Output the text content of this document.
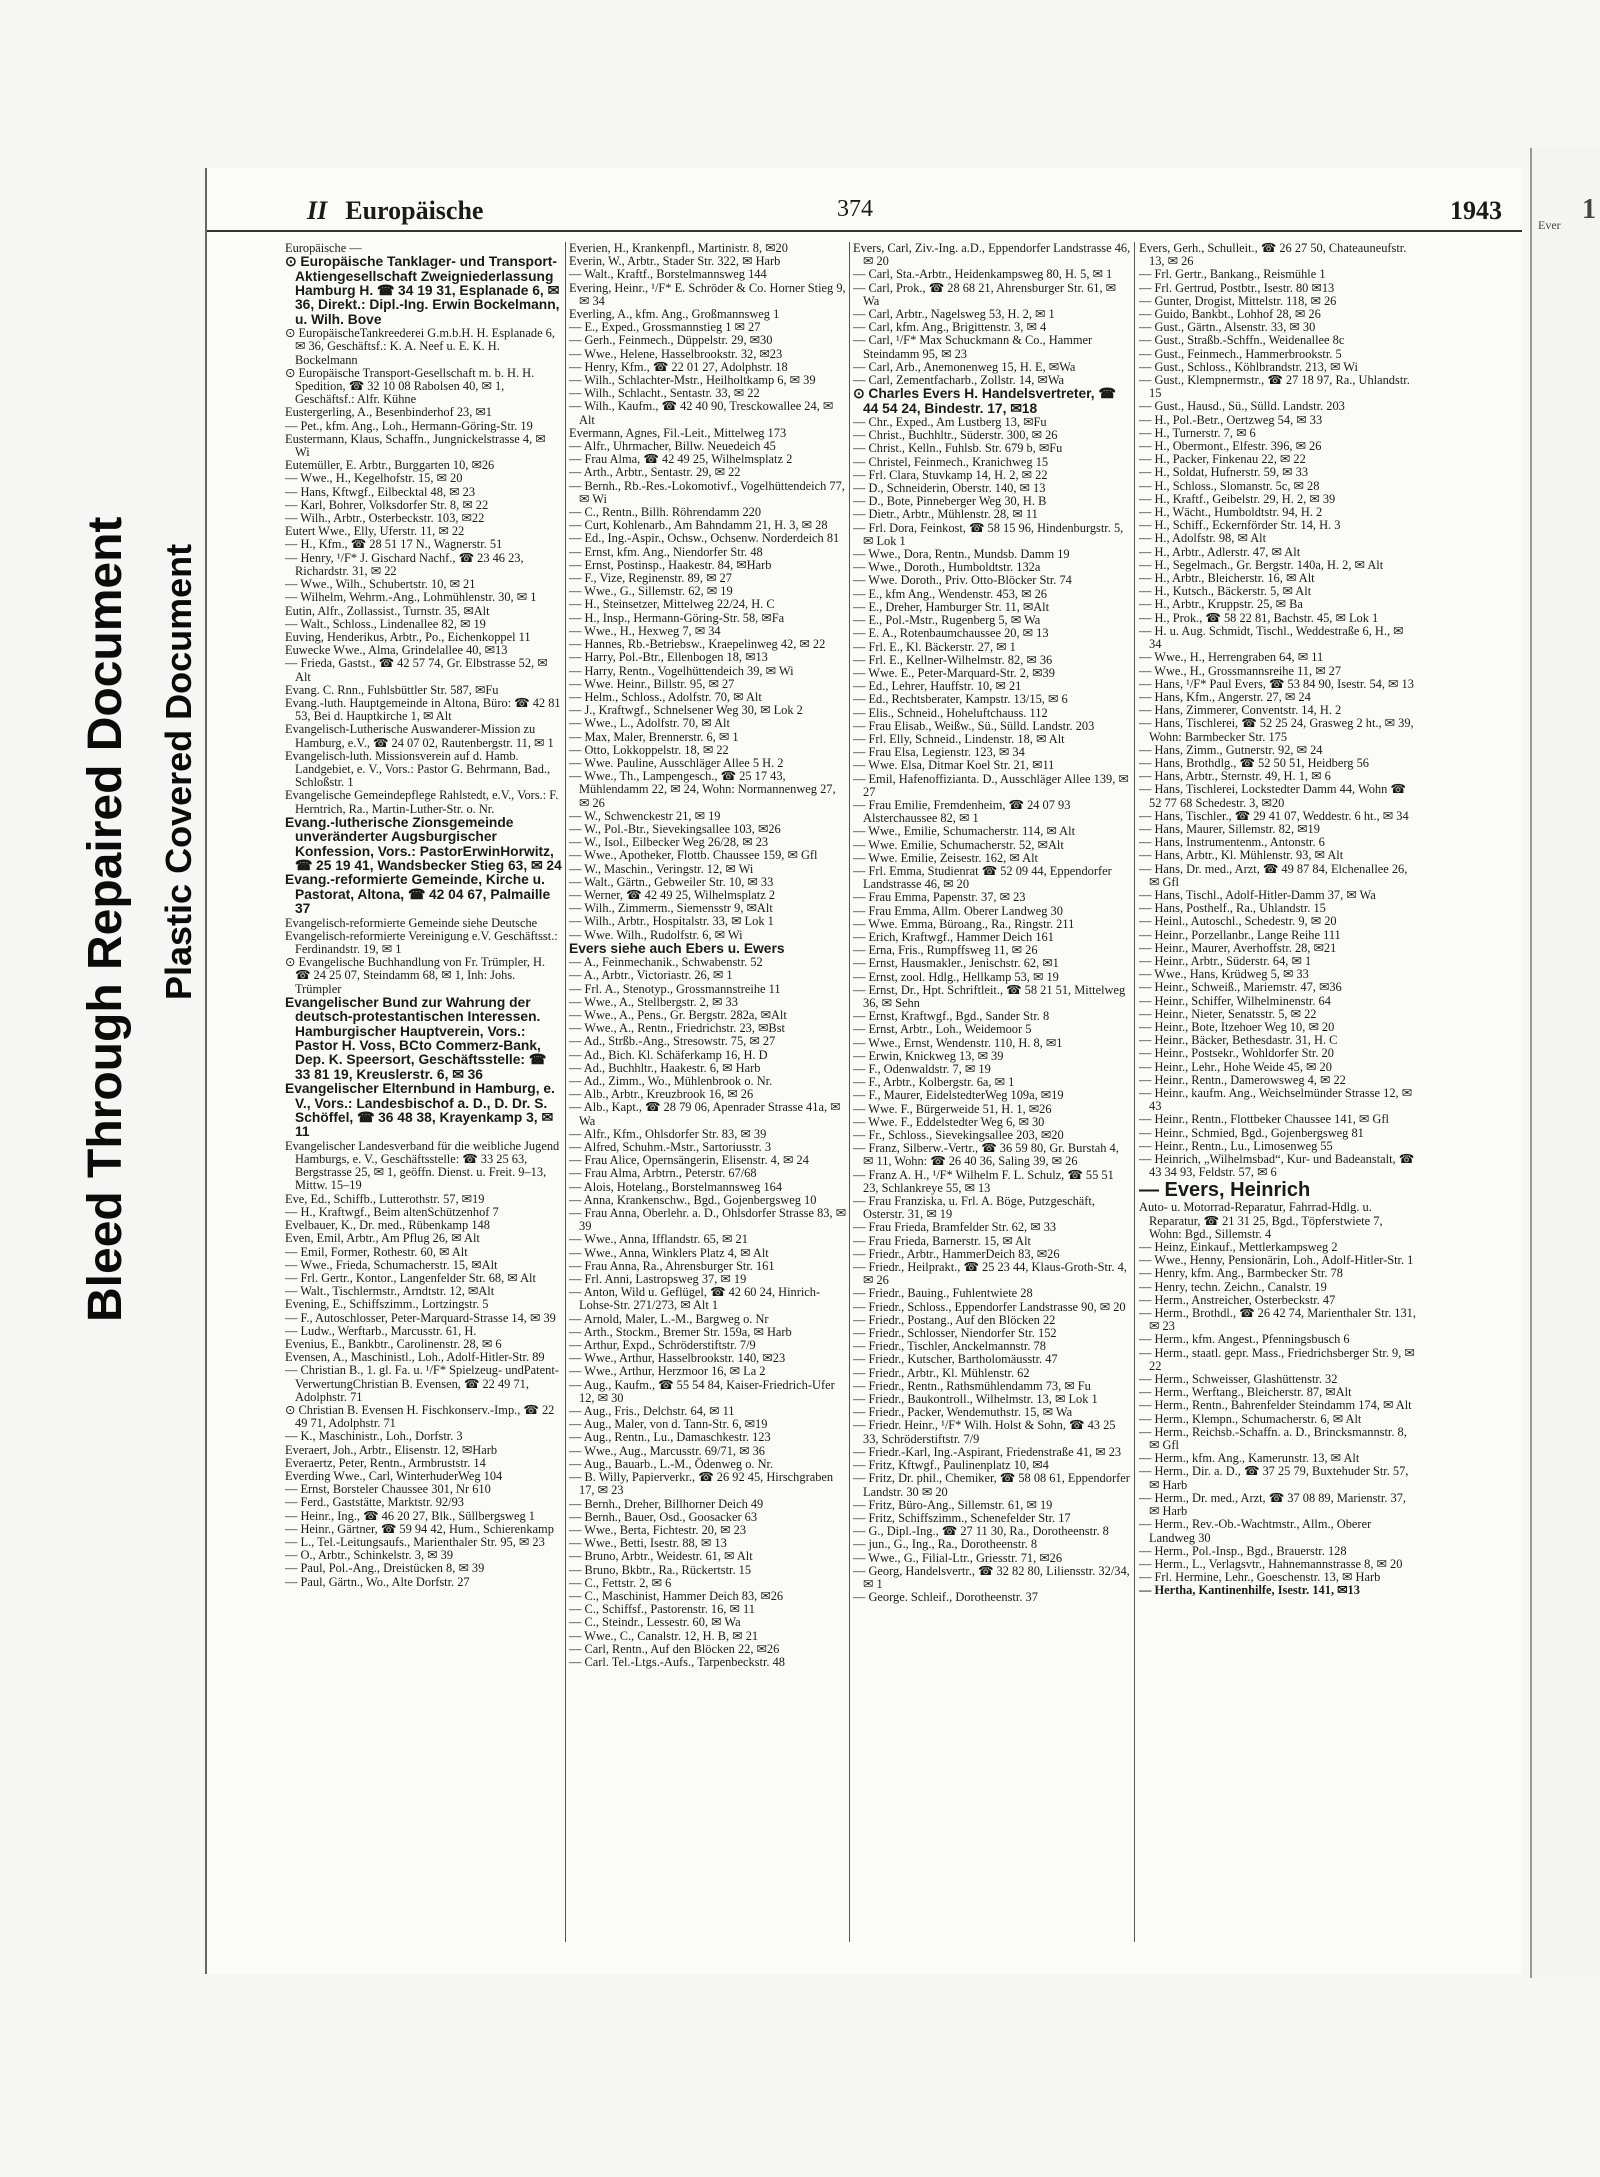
Bleed Through Repaired Document Plastic Covered Document
II Europäische	374	1943

Europäische —

⊙ Europäische Tanklager- und TransportAktiengesellschaft Zweigniederlassung Hamburg H. ☎ 34 19 31, Esplanade 6, ✉ 36, Direkt.: Dipl.-Ing. Erwin Bockelmann, u. Wilh. Bove

⊙ EuropäischeTankreederei G.m.b.H. H. Esplanade 6, ✉ 36, Geschäftsf.: K. A. Neef u. E. K. H. Bockelmann

⊙ Europäische Transport-Gesellschaft m. b. H. H. Spedition, ☎ 32 10 08 Rabolsen 40, ✉ 1, Geschäftsf.: Alfr. Kühne

Eustergerling, A., Besenbinderhof 23, ✉1

— Pet., kfm. Ang., Loh., Hermann-Göring-Str. 19

Eustermann, Klaus, Schaffn., Jungnickelstrasse 4, ✉ Wi

Eutemüller, E. Arbtr., Burggarten 10, ✉26

— Wwe., H., Kegelhofstr. 15, ✉ 20

— Hans, Kftwgf., Eilbecktal 48, ✉ 23

— Karl, Bohrer, Volksdorfer Str. 8, ✉ 22

— Wilh., Arbtr., Osterbeckstr. 103, ✉22

Eutert Wwe., Elly, Uferstr. 11, ✉ 22

— H., Kfm., ☎ 28 51 17 N., Wagnerstr. 51

— Henry, ¹/F* J. Gischard Nachf., ☎ 23 46 23, Richardstr. 31, ✉ 22

— Wwe., Wilh., Schubertstr. 10, ✉ 21

— Wilhelm, Wehrm.-Ang., Lohmühlenstr. 30, ✉ 1

Eutin, Alfr., Zollassist., Turnstr. 35, ✉Alt

— Walt., Schloss., Lindenallee 82, ✉ 19

Euving, Henderikus, Arbtr., Po., Eichenkoppel 11

Euwecke Wwe., Alma, Grindelallee 40, ✉13

— Frieda, Gastst., ☎ 42 57 74, Gr. Elbstrasse 52, ✉ Alt

Evang. C. Rnn., Fuhlsbüttler Str. 587, ✉Fu

Evang.-luth. Hauptgemeinde in Altona, Büro: ☎ 42 81 53, Bei d. Hauptkirche 1, ✉ Alt

Evangelisch-Lutherische Auswanderer-Mission zu Hamburg, e.V., ☎ 24 07 02, Rautenbergstr. 11, ✉ 1

Evangelisch-luth. Missionsverein auf d. Hamb. Landgebiet, e. V., Vors.: Pastor G. Behrmann, Bad., Schloßstr. 1

Evangelische Gemeindepflege Rahlstedt, e.V., Vors.: F. Herntrich, Ra., Martin-Luther-Str. o. Nr.

Evang.-lutherische Zionsgemeinde unveränderter Augsburgischer Konfession, Vors.: PastorErwinHorwitz, ☎ 25 19 41, Wandsbecker Stieg 63, ✉ 24

Evang.-reformierte Gemeinde, Kirche u. Pastorat, Altona, ☎ 42 04 67, Palmaille 37

Evangelisch-reformierte Gemeinde siehe Deutsche

Evangelisch-reformierte Vereinigung e.V. Geschäftsst.: Ferdinandstr. 19, ✉ 1

⊙ Evangelische Buchhandlung von Fr. Trümpler, H. ☎ 24 25 07, Steindamm 68, ✉ 1, Inh: Johs. Trümpler

Evangelischer Bund zur Wahrung der deutsch-protestantischen Interessen. Hamburgischer Hauptverein, Vors.: Pastor H. Voss, BCto Commerz-Bank, Dep. K. Speersort, Geschäftsstelle: ☎ 33 81 19, Kreuslerstr. 6, ✉ 36

Evangelischer Elternbund in Hamburg, e. V., Vors.: Landesbischof a. D., D. Dr. S. Schöffel, ☎ 36 48 38, Krayenkamp 3, ✉ 11

Evangelischer Landesverband für die weibliche Jugend Hamburgs, e. V., Geschäftsstelle: ☎ 33 25 63, Bergstrasse 25, ✉ 1, geöffn. Dienst. u. Freit. 9–13, Mittw. 15–19

Eve, Ed., Schiffb., Lutterothstr. 57, ✉19

— H., Kraftwgf., Beim altenSchützenhof 7

Evelbauer, K., Dr. med., Rübenkamp 148

Even, Emil, Arbtr., Am Pflug 26, ✉ Alt

— Emil, Former, Rothestr. 60, ✉ Alt

— Wwe., Frieda, Schumacherstr. 15, ✉Alt

— Frl. Gertr., Kontor., Langenfelder Str. 68, ✉ Alt

— Walt., Tischlermstr., Arndtstr. 12, ✉Alt

Evening, E., Schiffszimm., Lortzingstr. 5

— F., Autoschlosser, Peter-Marquard-Strasse 14, ✉ 39

— Ludw., Werftarb., Marcusstr. 61, H.

Evenius, E., Bankbtr., Carolinenstr. 28, ✉ 6

Evensen, A., Maschinistl., Loh., Adolf-Hitler-Str. 89

— Christian B., 1. gl. Fa. u. ¹/F* Spielzeug- undPatent-VerwertungChristian B. Evensen, ☎ 22 49 71, Adolphstr. 71

⊙ Christian B. Evensen H. Fischkonserv.-Imp., ☎ 22 49 71, Adolphstr. 71

— K., Maschinistr., Loh., Dorfstr. 3

Everaert, Joh., Arbtr., Elisenstr. 12, ✉Harb

Everaertz, Peter, Rentn., Armbruststr. 14

Everding Wwe., Carl, WinterhuderWeg 104

— Ernst, Borsteler Chaussee 301, Nr 610

— Ferd., Gaststätte, Marktstr. 92/93

— Heinr., Ing., ☎ 46 20 27, Blk., Süllbergsweg 1

— Heinr., Gärtner, ☎ 59 94 42, Hum., Schierenkamp

— L., Tel.-Leitungsaufs., Marienthaler Str. 95, ✉ 23

— O., Arbtr., Schinkelstr. 3, ✉ 39

— Paul, Pol.-Ang., Dreistücken 8, ✉ 39

— Paul, Gärtn., Wo., Alte Dorfstr. 27

Everien, H., Krankenpfl., Martinistr. 8, ✉20

Everin, W., Arbtr., Stader Str. 322, ✉ Harb

— Walt., Kraftf., Borstelmannsweg 144

Evering, Heinr., ¹/F* E. Schröder & Co. Horner Stieg 9, ✉ 34

Everling, A., kfm. Ang., Großmannsweg 1

— E., Exped., Grossmannstieg 1 ✉ 27

— Gerh., Feinmech., Düppelstr. 29, ✉30

— Wwe., Helene, Hasselbrookstr. 32, ✉23

— Henry, Kfm., ☎ 22 01 27, Adolphstr. 18

— Wilh., Schlachter-Mstr., Heilholtkamp 6, ✉ 39

— Wilh., Schlacht., Sentastr. 33, ✉ 22

— Wilh., Kaufm., ☎ 42 40 90, Tresckowallee 24, ✉ Alt

Evermann, Agnes, Fil.-Leit., Mittelweg 173

— Alfr., Uhrmacher, Billw. Neuedeich 45

— Frau Alma, ☎ 42 49 25, Wilhelmsplatz 2

— Arth., Arbtr., Sentastr. 29, ✉ 22

— Bernh., Rb.-Res.-Lokomotivf., Vogelhüttendeich 77, ✉ Wi

— C., Rentn., Billh. Röhrendamm 220

— Curt, Kohlenarb., Am Bahndamm 21, H. 3, ✉ 28

— Ed., Ing.-Aspir., Ochsw., Ochsenw. Norderdeich 81

— Ernst, kfm. Ang., Niendorfer Str. 48

— Ernst, Postinsp., Haakestr. 84, ✉Harb

— F., Vize, Reginenstr. 89, ✉ 27

— Wwe., G., Sillemstr. 62, ✉ 19

— H., Steinsetzer, Mittelweg 22/24, H. C

— H., Insp., Hermann-Göring-Str. 58, ✉Fa

— Wwe., H., Hexweg 7, ✉ 34

— Hannes, Rb.-Betriebsw., Kraepelinweg 42, ✉ 22

— Harry, Pol.-Btr., Ellenbogen 18, ✉13

— Harry, Rentn., Vogelhüttendeich 39, ✉ Wi

— Wwe. Heinr., Billstr. 95, ✉ 27

— Helm., Schloss., Adolfstr. 70, ✉ Alt

— J., Kraftwgf., Schnelsener Weg 30, ✉ Lok 2

— Wwe., L., Adolfstr. 70, ✉ Alt

— Max, Maler, Brennerstr. 6, ✉ 1

— Otto, Lokkoppelstr. 18, ✉ 22

— Wwe. Pauline, Ausschläger Allee 5 H. 2

— Wwe., Th., Lampengesch., ☎ 25 17 43, Mühlendamm 22, ✉ 24, Wohn: Normannenweg 27, ✉ 26

— W., Schwenckestr 21, ✉ 19

— W., Pol.-Btr., Sievekingsallee 103, ✉26

— W., Isol., Eilbecker Weg 26/28, ✉ 23

— Wwe., Apotheker, Flottb. Chaussee 159, ✉ Gfl

— W., Maschin., Veringstr. 12, ✉ Wi

— Walt., Gärtn., Gebweiler Str. 10, ✉ 33

— Werner, ☎ 42 49 25, Wilhelmsplatz 2

— Wilh., Zimmerm., Siemensstr 9, ✉Alt

— Wilh., Arbtr., Hospitalstr. 33, ✉ Lok 1

— Wwe. Wilh., Rudolfstr. 6, ✉ Wi

Evers siehe auch Ebers u. Ewers

— A., Feinmechanik., Schwabenstr. 52

— A., Arbtr., Victoriastr. 26, ✉ 1

— Frl. A., Stenotyp., Grossmannstreihe 11

— Wwe., A., Stellbergstr. 2, ✉ 33

— Wwe., A., Pens., Gr. Bergstr. 282a, ✉Alt

— Wwe., A., Rentn., Friedrichstr. 23, ✉Bst

— Ad., Strßb.-Ang., Stresowstr. 75, ✉ 27

— Ad., Bich. Kl. Schäferkamp 16, H. D

— Ad., Buchhltr., Haakestr. 6, ✉ Harb

— Ad., Zimm., Wo., Mühlenbrook o. Nr.

— Alb., Arbtr., Kreuzbrook 16, ✉ 26

— Alb., Kapt., ☎ 28 79 06, Apenrader Strasse 41a, ✉ Wa

— Alfr., Kfm., Ohlsdorfer Str. 83, ✉ 39

— Alfred, Schuhm.-Mstr., Sartoriusstr. 3

— Frau Alice, Opernsängerin, Elisenstr. 4, ✉ 24

— Frau Alma, Arbtrn., Peterstr. 67/68

— Alois, Hotelang., Borstelmannsweg 164

— Anna, Krankenschw., Bgd., Gojenbergsweg 10

— Frau Anna, Oberlehr. a. D., Ohlsdorfer Strasse 83, ✉ 39

— Wwe., Anna, Ifflandstr. 65, ✉ 21

— Wwe., Anna, Winklers Platz 4, ✉ Alt

— Frau Anna, Ra., Ahrensburger Str. 161

— Frl. Anni, Lastropsweg 37, ✉ 19

— Anton, Wild u. Geflügel, ☎ 42 60 24, Hinrich-Lohse-Str. 271/273, ✉ Alt 1

— Arnold, Maler, L.-M., Bargweg o. Nr

— Arth., Stockm., Bremer Str. 159a, ✉ Harb

— Arthur, Expd., Schröderstiftstr. 7/9

— Wwe., Arthur, Hasselbrookstr. 140, ✉23

— Wwe., Arthur, Herzmoor 16, ✉ La 2

— Aug., Kaufm., ☎ 55 54 84, Kaiser-Friedrich-Ufer 12, ✉ 30

— Aug., Fris., Delchstr. 64, ✉ 11

— Aug., Maler, von d. Tann-Str. 6, ✉19

— Aug., Rentn., Lu., Damaschkestr. 123

— Wwe., Aug., Marcusstr. 69/71, ✉ 36

— Aug., Bauarb., L.-M., Ödenweg o. Nr.

— B. Willy, Papierverkr., ☎ 26 92 45, Hirschgraben 17, ✉ 23

— Bernh., Dreher, Billhorner Deich 49

— Bernh., Bauer, Osd., Goosacker 63

— Wwe., Berta, Fichtestr. 20, ✉ 23

— Wwe., Betti, Isestr. 88, ✉ 13

— Bruno, Arbtr., Weidestr. 61, ✉ Alt

— Bruno, Bkbtr., Ra., Rückertstr. 15

— C., Fettstr. 2, ✉ 6

— C., Maschinist, Hammer Deich 83, ✉26

— C., Schiffsf., Pastorenstr. 16, ✉ 11

— C., Steindr., Lessestr. 60, ✉ Wa

— Wwe., C., Canalstr. 12, H. B, ✉ 21

— Carl, Rentn., Auf den Blöcken 22, ✉26

— Carl. Tel.-Ltgs.-Aufs., Tarpenbeckstr. 48

Evers, Carl, Ziv.-Ing. a.D., Eppendorfer Landstrasse 46, ✉ 20

— Carl, Sta.-Arbtr., Heidenkampsweg 80, H. 5, ✉ 1

— Carl, Prok., ☎ 28 68 21, Ahrensburger Str. 61, ✉ Wa

— Carl, Arbtr., Nagelsweg 53, H. 2, ✉ 1

— Carl, kfm. Ang., Brigittenstr. 3, ✉ 4

— Carl, ¹/F* Max Schuckmann & Co., Hammer Steindamm 95, ✉ 23

— Carl, Arb., Anemonenweg 15, H. E, ✉Wa

— Carl, Zementfacharb., Zollstr. 14, ✉Wa

⊙ Charles Evers H. Handelsvertreter, ☎ 44 54 24, Bindestr. 17, ✉18

— Chr., Exped., Am Lustberg 13, ✉Fu

— Christ., Buchhltr., Süderstr. 300, ✉ 26

— Christ., Kelln., Fuhlsb. Str. 679 b, ✉Fu

— Christel, Feinmech., Kranichweg 15

— Frl. Clara, Stuvkamp 14, H. 2, ✉ 22

— D., Schneiderin, Oberstr. 140, ✉ 13

— D., Bote, Pinneberger Weg 30, H. B

— Dietr., Arbtr., Mühlenstr. 28, ✉ 11

— Frl. Dora, Feinkost, ☎ 58 15 96, Hindenburgstr. 5, ✉ Lok 1

— Wwe., Dora, Rentn., Mundsb. Damm 19

— Wwe., Doroth., Humboldtstr. 132a

— Wwe. Doroth., Priv. Otto-Blöcker Str. 74

— E., kfm Ang., Wendenstr. 453, ✉ 26

— E., Dreher, Hamburger Str. 11, ✉Alt

— E., Pol.-Mstr., Rugenberg 5, ✉ Wa

— E. A., Rotenbaumchaussee 20, ✉ 13

— Frl. E., Kl. Bäckerstr. 27, ✉ 1

— Frl. E., Kellner-Wilhelmstr. 82, ✉ 36

— Wwe. E., Peter-Marquard-Str. 2, ✉39

— Ed., Lehrer, Hauffstr. 10, ✉ 21

— Ed., Rechtsberater, Kampstr. 13/15, ✉ 6

— Elis., Schneid., Hoheluftchauss. 112

— Frau Elisab., Weißw., Sü., Sülld. Landstr. 203

— Frl. Elly, Schneid., Lindenstr. 18, ✉ Alt

— Frau Elsa, Legienstr. 123, ✉ 34

— Wwe. Elsa, Ditmar Koel Str. 21, ✉11

— Emil, Hafenoffizianta. D., Ausschläger Allee 139, ✉ 27

— Frau Emilie, Fremdenheim, ☎ 24 07 93 Alsterchaussee 82, ✉ 1

— Wwe., Emilie, Schumacherstr. 114, ✉ Alt

— Wwe. Emilie, Schumacherstr. 52, ✉Alt

— Wwe. Emilie, Zeisestr. 162, ✉ Alt

— Frl. Emma, Studienrat ☎ 52 09 44, Eppendorfer Landstrasse 46, ✉ 20

— Frau Emma, Papenstr. 37, ✉ 23

— Frau Emma, Allm. Oberer Landweg 30

— Wwe. Emma, Büroang., Ra., Ringstr. 211

— Erich, Kraftwgf., Hammer Deich 161

— Erna, Fris., Rumpffsweg 11, ✉ 26

— Ernst, Hausmakler., Jenischstr. 62, ✉1

— Ernst, zool. Hdlg., Hellkamp 53, ✉ 19

— Ernst, Dr., Hpt. Schriftleit., ☎ 58 21 51, Mittelweg 36, ✉ Sehn

— Ernst, Kraftwgf., Bgd., Sander Str. 8

— Ernst, Arbtr., Loh., Weidemoor 5

— Wwe., Ernst, Wendenstr. 110, H. 8, ✉1

— Erwin, Knickweg 13, ✉ 39

— F., Odenwaldstr. 7, ✉ 19

— F., Arbtr., Kolbergstr. 6a, ✉ 1

— F., Maurer, EidelstedterWeg 109a, ✉19

— Wwe. F., Bürgerweide 51, H. 1, ✉26

— Wwe. F., Eddelstedter Weg 6, ✉ 30

— Fr., Schloss., Sievekingsallee 203, ✉20

— Franz, Silberw.-Vertr., ☎ 36 59 80, Gr. Burstah 4, ✉ 11, Wohn: ☎ 26 40 36, Saling 39, ✉ 26

— Franz A. H., ¹/F* Wilhelm F. L. Schulz, ☎ 55 51 23, Schlankreye 55, ✉ 13

— Frau Franziska, u. Frl. A. Böge, Putzgeschäft, Osterstr. 31, ✉ 19

— Frau Frieda, Bramfelder Str. 62, ✉ 33

— Frau Frieda, Barnerstr. 15, ✉ Alt

— Friedr., Arbtr., HammerDeich 83, ✉26

— Friedr., Heilprakt., ☎ 25 23 44, Klaus-Groth-Str. 4, ✉ 26

— Friedr., Bauing., Fuhlentwiete 28

— Friedr., Schloss., Eppendorfer Landstrasse 90, ✉ 20

— Friedr., Postang., Auf den Blöcken 22

— Friedr., Schlosser, Niendorfer Str. 152

— Friedr., Tischler, Anckelmannstr. 78

— Friedr., Kutscher, Bartholomäusstr. 47

— Friedr., Arbtr., Kl. Mühlenstr. 62

— Friedr., Rentn., Rathsmühlendamm 73, ✉ Fu

— Friedr., Baukontroll., Wilhelmstr. 13, ✉ Lok 1

— Friedr., Packer, Wendemuthstr. 15, ✉ Wa

— Friedr. Heinr., ¹/F* Wilh. Holst & Sohn, ☎ 43 25 33, Schröderstiftstr. 7/9

— Friedr.-Karl, Ing.-Aspirant, Friedenstraße 41, ✉ 23

— Fritz, Kftwgf., Paulinenplatz 10, ✉4

— Fritz, Dr. phil., Chemiker, ☎ 58 08 61, Eppendorfer Landstr. 30 ✉ 20

— Fritz, Büro-Ang., Sillemstr. 61, ✉ 19

— Fritz, Schiffszimm., Schenefelder Str. 17

— G., Dipl.-Ing., ☎ 27 11 30, Ra., Dorotheenstr. 8

— jun., G., Ing., Ra., Dorotheenstr. 8

— Wwe., G., Filial-Ltr., Griesstr. 71, ✉26

— Georg, Handelsvertr., ☎ 32 82 80, Liliensstr. 32/34, ✉ 1

— George. Schleif., Dorotheenstr. 37

Evers, Gerh., Schulleit., ☎ 26 27 50, Chateauneufstr. 13, ✉ 26

— Frl. Gertr., Bankang., Reismühle 1

— Frl. Gertrud, Postbtr., Isestr. 80 ✉13

— Gunter, Drogist, Mittelstr. 118, ✉ 26

— Guido, Bankbt., Lohhof 28, ✉ 26

— Gust., Gärtn., Alsenstr. 33, ✉ 30

— Gust., Straßb.-Schffn., Weidenallee 8c

— Gust., Feinmech., Hammerbrookstr. 5

— Gust., Schloss., Köhlbrandstr. 213, ✉ Wi

— Gust., Klempnermstr., ☎ 27 18 97, Ra., Uhlandstr. 15

— Gust., Hausd., Sü., Sülld. Landstr. 203

— H., Pol.-Betr., Oertzweg 54, ✉ 33

— H., Turnerstr. 7, ✉ 6

— H., Obermont., Elfestr. 396, ✉ 26

— H., Packer, Finkenau 22, ✉ 22

— H., Soldat, Hufnerstr. 59, ✉ 33

— H., Schloss., Slomanstr. 5c, ✉ 28

— H., Kraftf., Geibelstr. 29, H. 2, ✉ 39

— H., Wächt., Humboldtstr. 94, H. 2

— H., Schiff., Eckernförder Str. 14, H. 3

— H., Adolfstr. 98, ✉ Alt

— H., Arbtr., Adlerstr. 47, ✉ Alt

— H., Segelmach., Gr. Bergstr. 140a, H. 2, ✉ Alt

— H., Arbtr., Bleicherstr. 16, ✉ Alt

— H., Kutsch., Bäckerstr. 5, ✉ Alt

— H., Arbtr., Kruppstr. 25, ✉ Ba

— H., Prok., ☎ 58 22 81, Bachstr. 45, ✉ Lok 1

— H. u. Aug. Schmidt, Tischl., Weddestraße 6, H., ✉ 34

— Wwe., H., Herrengraben 64, ✉ 11

— Wwe., H., Grossmannsreihe 11, ✉ 27

— Hans, ¹/F* Paul Evers, ☎ 53 84 90, Isestr. 54, ✉ 13

— Hans, Kfm., Angerstr. 27, ✉ 24

— Hans, Zimmerer, Conventstr. 14, H. 2

— Hans, Tischlerei, ☎ 52 25 24, Grasweg 2 ht., ✉ 39, Wohn: Barmbecker Str. 175

— Hans, Zimm., Gutnerstr. 92, ✉ 24

— Hans, Brothdlg., ☎ 52 50 51, Heidberg 56

— Hans, Arbtr., Sternstr. 49, H. 1, ✉ 6

— Hans, Tischlerei, Lockstedter Damm 44, Wohn ☎ 52 77 68 Schedestr. 3, ✉20

— Hans, Tischler., ☎ 29 41 07, Weddestr. 6 ht., ✉ 34

— Hans, Maurer, Sillemstr. 82, ✉19

— Hans, Instrumentenm., Antonstr. 6

— Hans, Arbtr., Kl. Mühlenstr. 93, ✉ Alt

— Hans, Dr. med., Arzt, ☎ 49 87 84, Elchenallee 26, ✉ Gfl

— Hans, Tischl., Adolf-Hitler-Damm 37, ✉ Wa

— Hans, Posthelf., Ra., Uhlandstr. 15

— Heinl., Autoschl., Schedestr. 9, ✉ 20

— Heinr., Porzellanbr., Lange Reihe 111

— Heinr., Maurer, Averhoffstr. 28, ✉21

— Heinr., Arbtr., Süderstr. 64, ✉ 1

— Wwe., Hans, Krüdweg 5, ✉ 33

— Heinr., Schweiß., Mariemstr. 47, ✉36

— Heinr., Schiffer, Wilhelminenstr. 64

— Heinr., Nieter, Senatsstr. 5, ✉ 22

— Heinr., Bote, Itzehoer Weg 10, ✉ 20

— Heinr., Bäcker, Bethesdastr. 31, H. C

— Heinr., Postsekr., Wohldorfer Str. 20

— Heinr., Lehr., Hohe Weide 45, ✉ 20

— Heinr., Rentn., Damerowsweg 4, ✉ 22

— Heinr., kaufm. Ang., Weichselmünder Strasse 12, ✉ 43

— Heinr., Rentn., Flottbeker Chaussee 141, ✉ Gfl

— Heinr., Schmied, Bgd., Gojenbergsweg 81

— Heinr., Rentn., Lu., Limosenweg 55

— Heinrich, „Wilhelmsbad“, Kur- und Badeanstalt, ☎ 43 34 93, Feldstr. 57, ✉ 6

— Evers, Heinrich

Auto- u. Motorrad-Reparatur, Fahrrad-Hdlg. u. Reparatur, ☎ 21 31 25, Bgd., Töpferstwiete 7, Wohn: Bgd., Sillemstr. 4

— Heinz, Einkauf., Mettlerkampsweg 2

— Wwe., Henny, Pensionärin, Loh., Adolf-Hitler-Str. 1

— Henry, kfm. Ang., Barmbecker Str. 78

— Henry, techn. Zeichn., Canalstr. 19

— Herm., Anstreicher, Osterbeckstr. 47

— Herm., Brothdl., ☎ 26 42 74, Marienthaler Str. 131, ✉ 23

— Herm., kfm. Angest., Pfenningsbusch 6

— Herm., staatl. gepr. Mass., Friedrichsberger Str. 9, ✉ 22

— Herm., Schweisser, Glashüttenstr. 32

— Herm., Werftang., Bleicherstr. 87, ✉Alt

— Herm., Rentn., Bahrenfelder Steindamm 174, ✉ Alt

— Herm., Klempn., Schumacherstr. 6, ✉ Alt

— Herm., Reichsb.-Schaffn. a. D., Brincksmannstr. 8, ✉ Gfl

— Herm., kfm. Ang., Kamerunstr. 13, ✉ Alt

— Herm., Dir. a. D., ☎ 37 25 79, Buxtehuder Str. 57, ✉ Harb

— Herm., Dr. med., Arzt, ☎ 37 08 89, Marienstr. 37, ✉ Harb

— Herm., Rev.-Ob.-Wachtmstr., Allm., Oberer Landweg 30

— Herm., Pol.-Insp., Bgd., Brauerstr. 128

— Herm., L., Verlagsvtr., Hahnemannstrasse 8, ✉ 20

— Frl. Hermine, Lehr., Goeschenstr. 13, ✉ Harb

— Hertha, Kantinenhilfe, Isestr. 141, ✉13

1
Ever
